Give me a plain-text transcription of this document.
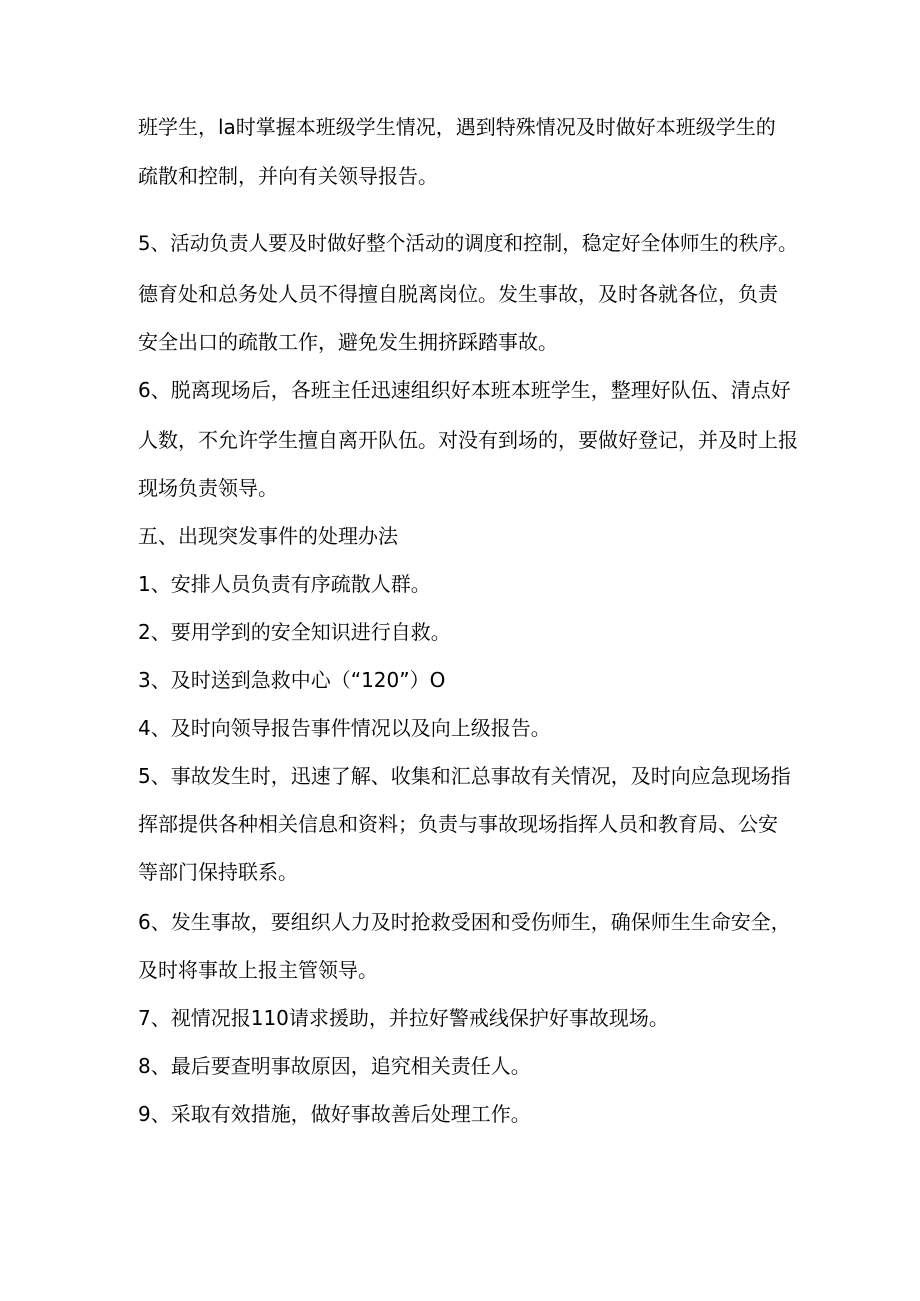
班学生，la时掌握本班级学生情况，遇到特殊情况及时做好本班级学生的
疏散和控制，并向有关领导报告。
5、活动负责人要及时做好整个活动的调度和控制，稳定好全体师生的秩序。
德育处和总务处人员不得擅自脱离岗位。发生事故，及时各就各位，负责
安全出口的疏散工作，避免发生拥挤踩踏事故。
6、脱离现场后，各班主任迅速组织好本班本班学生，整理好队伍、清点好
人数，不允许学生擅自离开队伍。对没有到场的，要做好登记，并及时上报
现场负责领导。
五、出现突发事件的处理办法
1、安排人员负责有序疏散人群。
2、要用学到的安全知识进行自救。
3、及时送到急救中心（“120”）O
4、及时向领导报告事件情况以及向上级报告。
5、事故发生时，迅速了解、收集和汇总事故有关情况，及时向应急现场指
挥部提供各种相关信息和资料；负责与事故现场指挥人员和教育局、公安
等部门保持联系。
6、发生事故，要组织人力及时抢救受困和受伤师生，确保师生生命安全，
及时将事故上报主管领导。
7、视情况报110请求援助，并拉好警戒线保护好事故现场。
8、最后要查明事故原因，追究相关责任人。
9、采取有效措施，做好事故善后处理工作。
